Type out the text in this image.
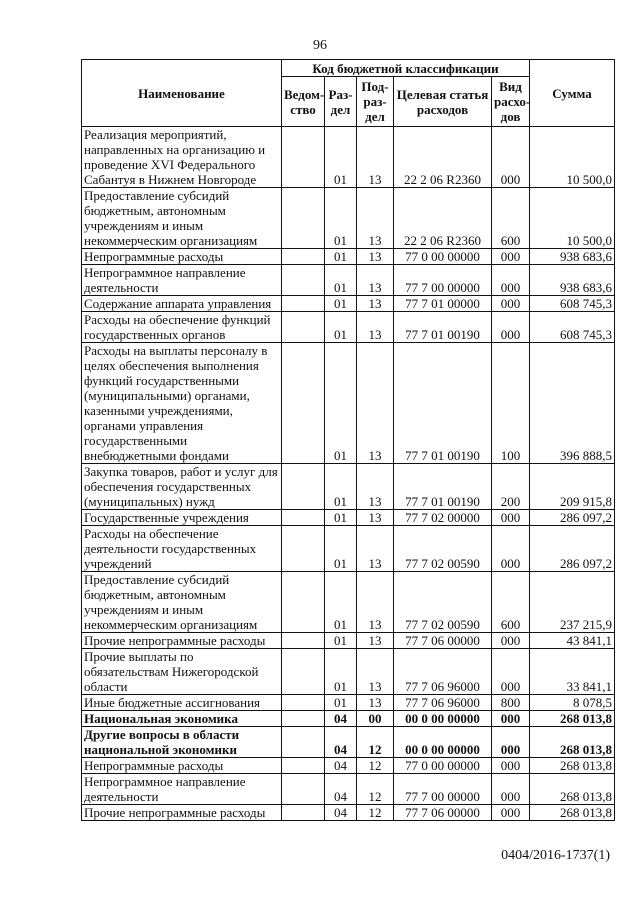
96
Наименование	Код бюджетной классификации					Сумма
	Ведом-ство	Раз-дел	Под-раз-дел	Целевая статья расходов	Вид расхо-дов	
Реализация мероприятий, направленных на организацию и проведение XVI Федерального Сабантуя в Нижнем Новгороде		01	13	22 2 06 R2360	000	10 500,0
Предоставление субсидий бюджетным, автономным учреждениям и иным некоммерческим организациям		01	13	22 2 06 R2360	600	10 500,0
Непрограммные расходы		01	13	77 0 00 00000	000	938 683,6
Непрограммное направление деятельности		01	13	77 7 00 00000	000	938 683,6
Содержание аппарата управления		01	13	77 7 01 00000	000	608 745,3
Расходы на обеспечение функций государственных органов		01	13	77 7 01 00190	000	608 745,3
Расходы на выплаты персоналу в целях обеспечения выполнения функций государственными (муниципальными) органами, казенными учреждениями, органами управления государственными внебюджетными фондами		01	13	77 7 01 00190	100	396 888,5
Закупка товаров, работ и услуг для обеспечения государственных (муниципальных) нужд		01	13	77 7 01 00190	200	209 915,8
Государственные учреждения		01	13	77 7 02 00000	000	286 097,2
Расходы на обеспечение деятельности государственных учреждений		01	13	77 7 02 00590	000	286 097,2
Предоставление субсидий бюджетным, автономным учреждениям и иным некоммерческим организациям		01	13	77 7 02 00590	600	237 215,9
Прочие непрограммные расходы		01	13	77 7 06 00000	000	43 841,1
Прочие выплаты по обязательствам Нижегородской области		01	13	77 7 06 96000	000	33 841,1
Иные бюджетные ассигнования		01	13	77 7 06 96000	800	8 078,5
Национальная экономика		04	00	00 0 00 00000	000	268 013,8
Другие вопросы в области национальной экономики		04	12	00 0 00 00000	000	268 013,8
Непрограммные расходы		04	12	77 0 00 00000	000	268 013,8
Непрограммное направление деятельности		04	12	77 7 00 00000	000	268 013,8
Прочие непрограммные расходы		04	12	77 7 06 00000	000	268 013,8
0404/2016-1737(1)
